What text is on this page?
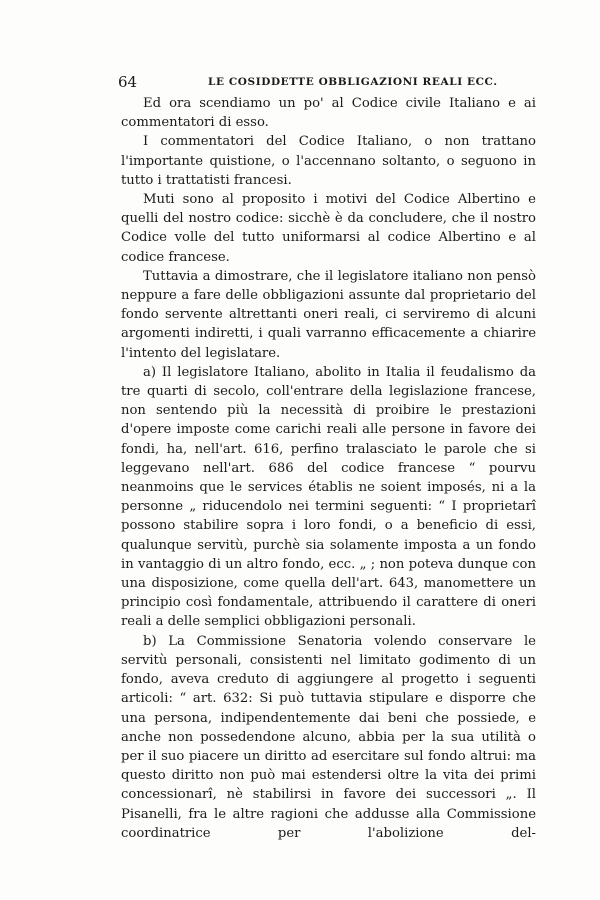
64	LE COSIDDETTE OBBLIGAZIONI REALI ECC.

Ed ora scendiamo un po' al Codice civile Italiano e ai commentatori di esso.

I commentatori del Codice Italiano, o non trattano l'importante quistione, o l'accennano soltanto, o seguono in tutto i trattatisti francesi.

Muti sono al proposito i motivi del Codice Albertino e quelli del nostro codice: sicchè è da concludere, che il nostro Codice volle del tutto uniformarsi al codice Albertino e al codice francese.

Tuttavia a dimostrare, che il legislatore italiano non pensò neppure a fare delle obbligazioni assunte dal proprietario del fondo servente altrettanti oneri reali, ci serviremo di alcuni argomenti indiretti, i quali varranno efficacemente a chiarire l'intento del legislatare.

a) Il legislatore Italiano, abolito in Italia il feudalismo da tre quarti di secolo, coll'entrare della legislazione francese, non sentendo più la necessità di proibire le prestazioni d'opere imposte come carichi reali alle persone in favore dei fondi, ha, nell'art. 616, perfino tralasciato le parole che si leggevano nell'art. 686 del codice francese “ pourvu neanmoins que le services établis ne soient imposés, ni a la personne „ riducendolo nei termini seguenti: “ I proprietarî possono stabilire sopra i loro fondi, o a beneficio di essi, qualunque servitù, purchè sia solamente imposta a un fondo in vantaggio di un altro fondo, ecc. „ ; non poteva dunque con una disposizione, come quella dell'art. 643, manomettere un principio così fondamentale, attribuendo il carattere di oneri reali a delle semplici obbligazioni personali.

b) La Commissione Senatoria volendo conservare le servitù personali, consistenti nel limitato godimento di un fondo, aveva creduto di aggiungere al progetto i seguenti articoli: “ art. 632: Si può tuttavia stipulare e disporre che una persona, indipendentemente dai beni che possiede, e anche non possedendone alcuno, abbia per la sua utilità o per il suo piacere un diritto ad esercitare sul fondo altrui: ma questo diritto non può mai estendersi oltre la vita dei primi concessionarî, nè stabilirsi in favore dei successori „. Il Pisanelli, fra le altre ragioni che addusse alla Commissione coordinatrice per l'abolizione del-
